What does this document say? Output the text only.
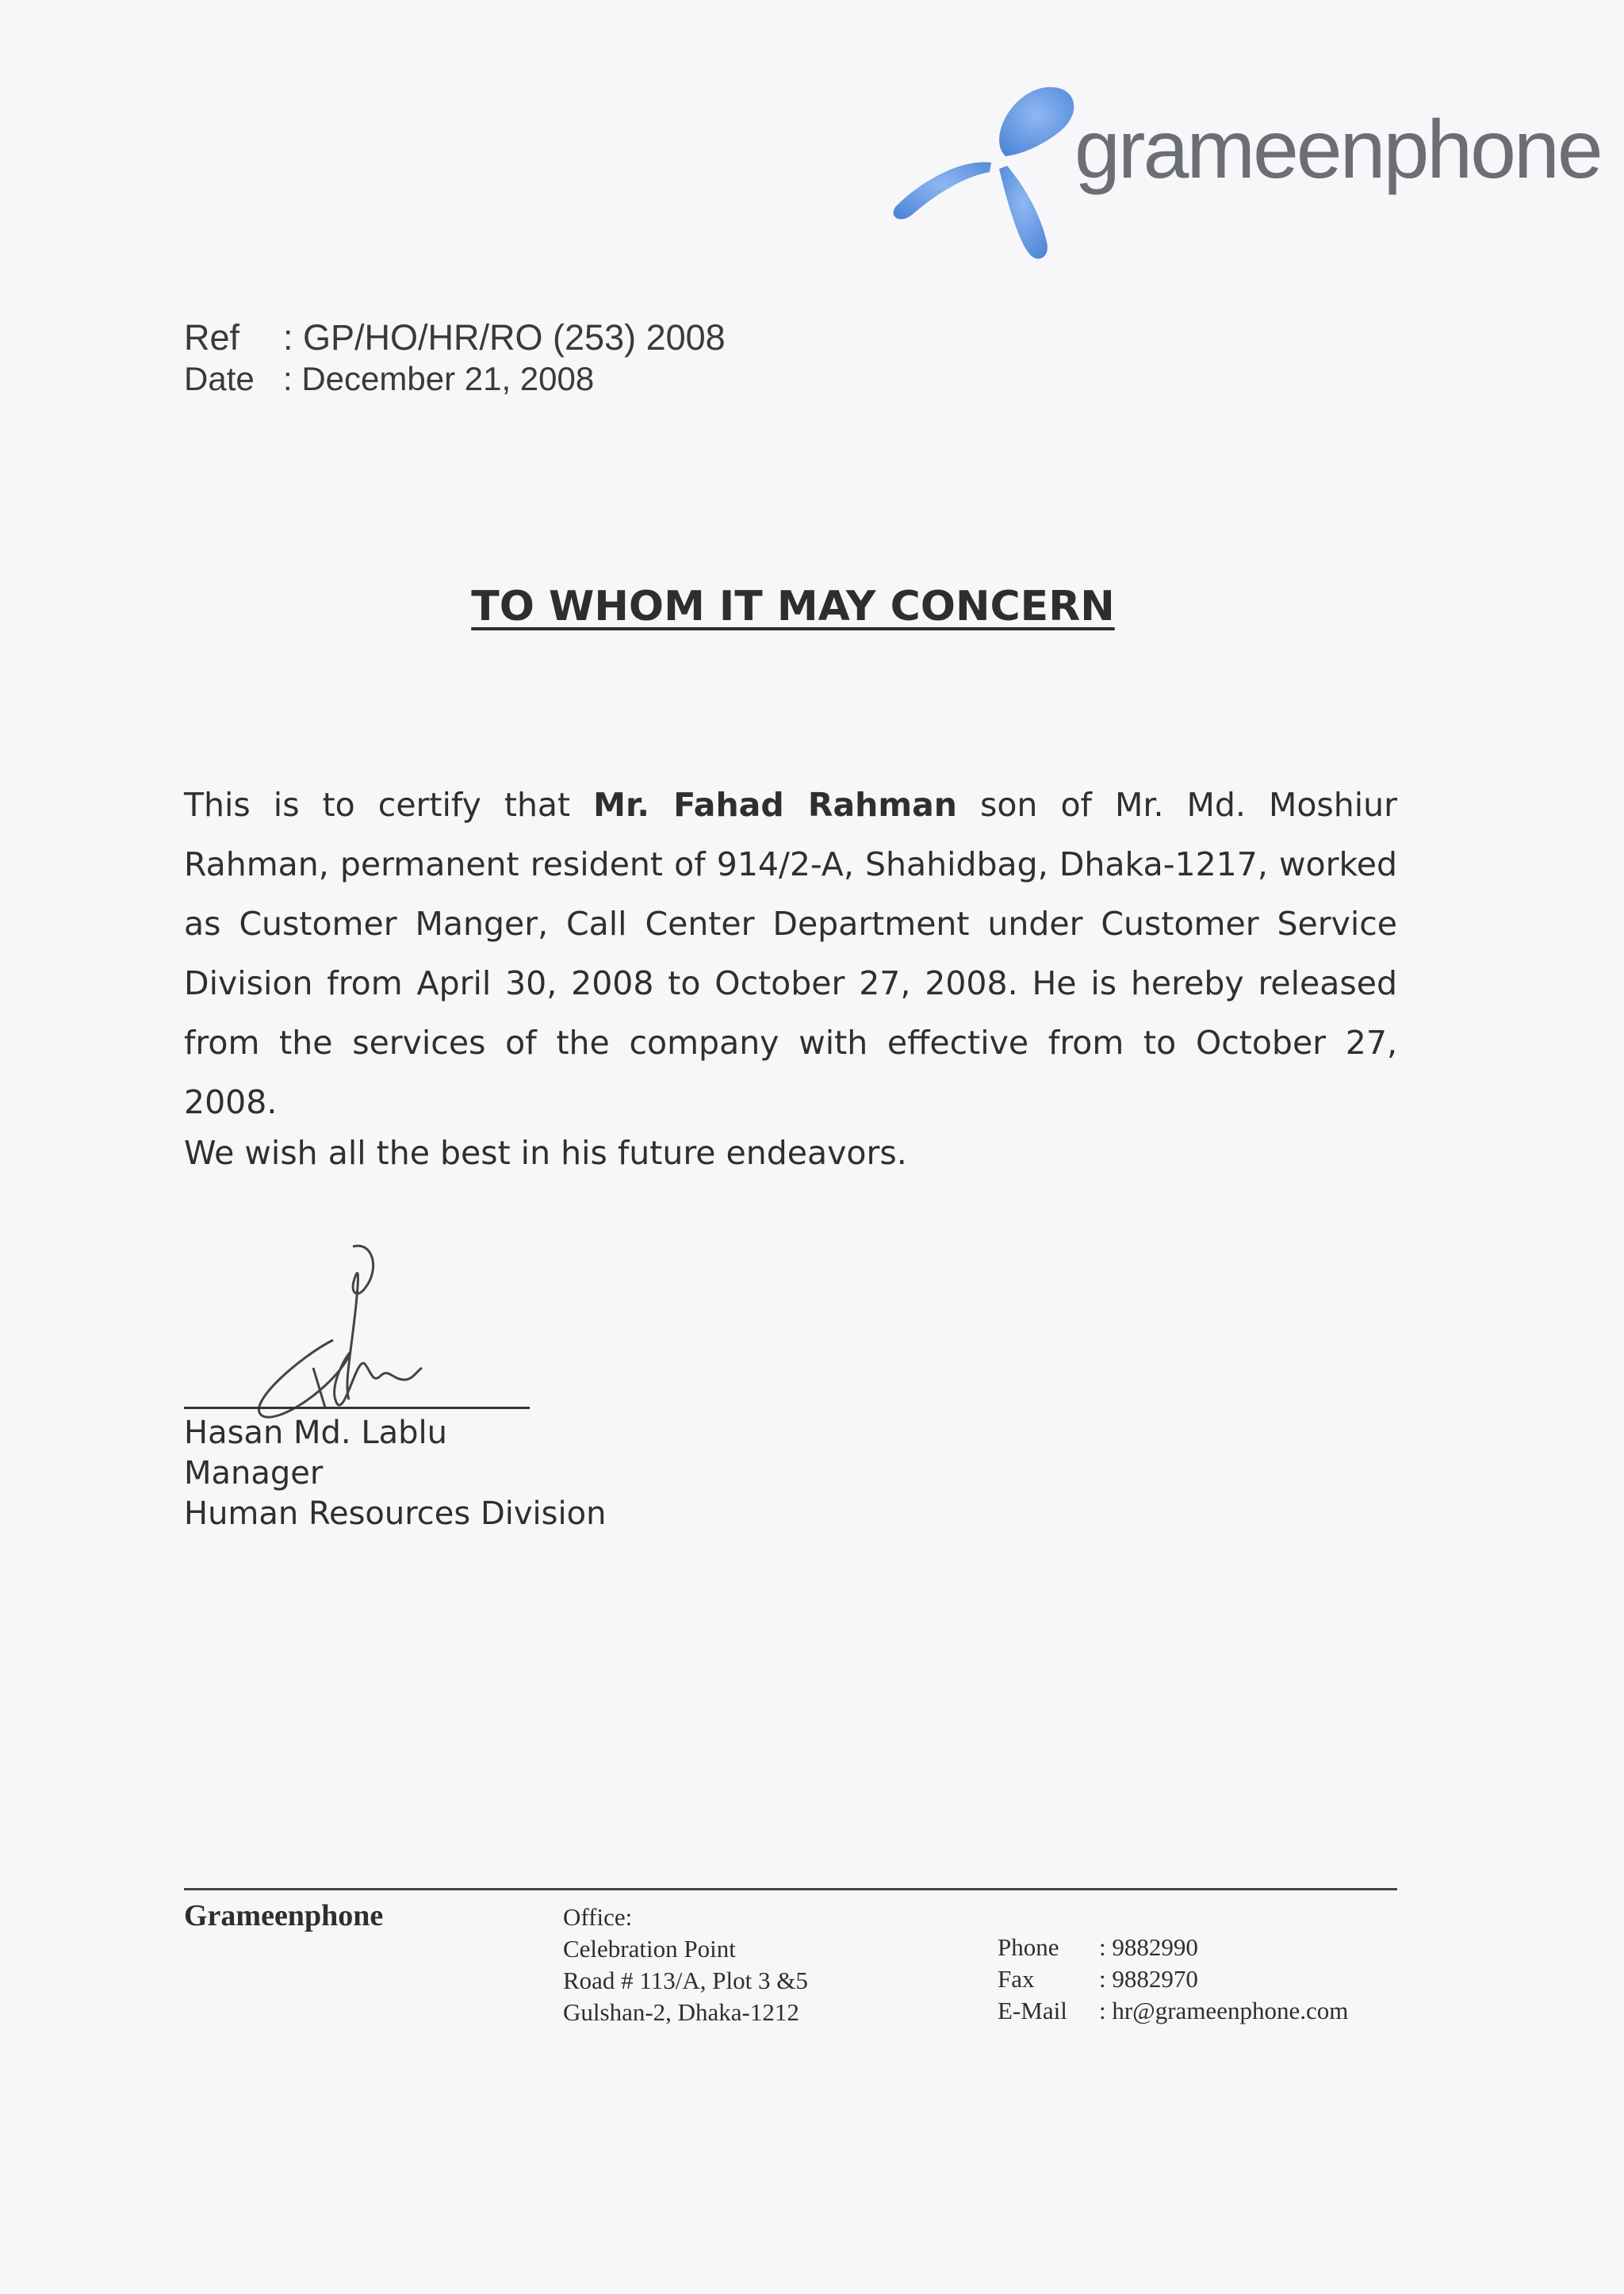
grameenphone
Ref	: GP/HO/HR/RO (253) 2008
Date : December 21, 2008
TO WHOM IT MAY CONCERN
This is to certify that Mr. Fahad Rahman son of Mr. Md. Moshiur Rahman, permanent resident of 914/2-A, Shahidbag, Dhaka-1217, worked as Customer Manger, Call Center Department under Customer Service Division from April 30, 2008 to October 27, 2008. He is hereby released from the services of the company with effective from to October 27, 2008.
We wish all the best in his future endeavors.
Hasan Md. Lablu
Manager
Human Resources Division
Grameenphone	Office:
Celebration Point
Road # 113/A, Plot 3 &5
Gulshan-2, Dhaka-1212
Phone	: 9882990
Fax	: 9882970
E-Mail	: hr@grameenphone.com
